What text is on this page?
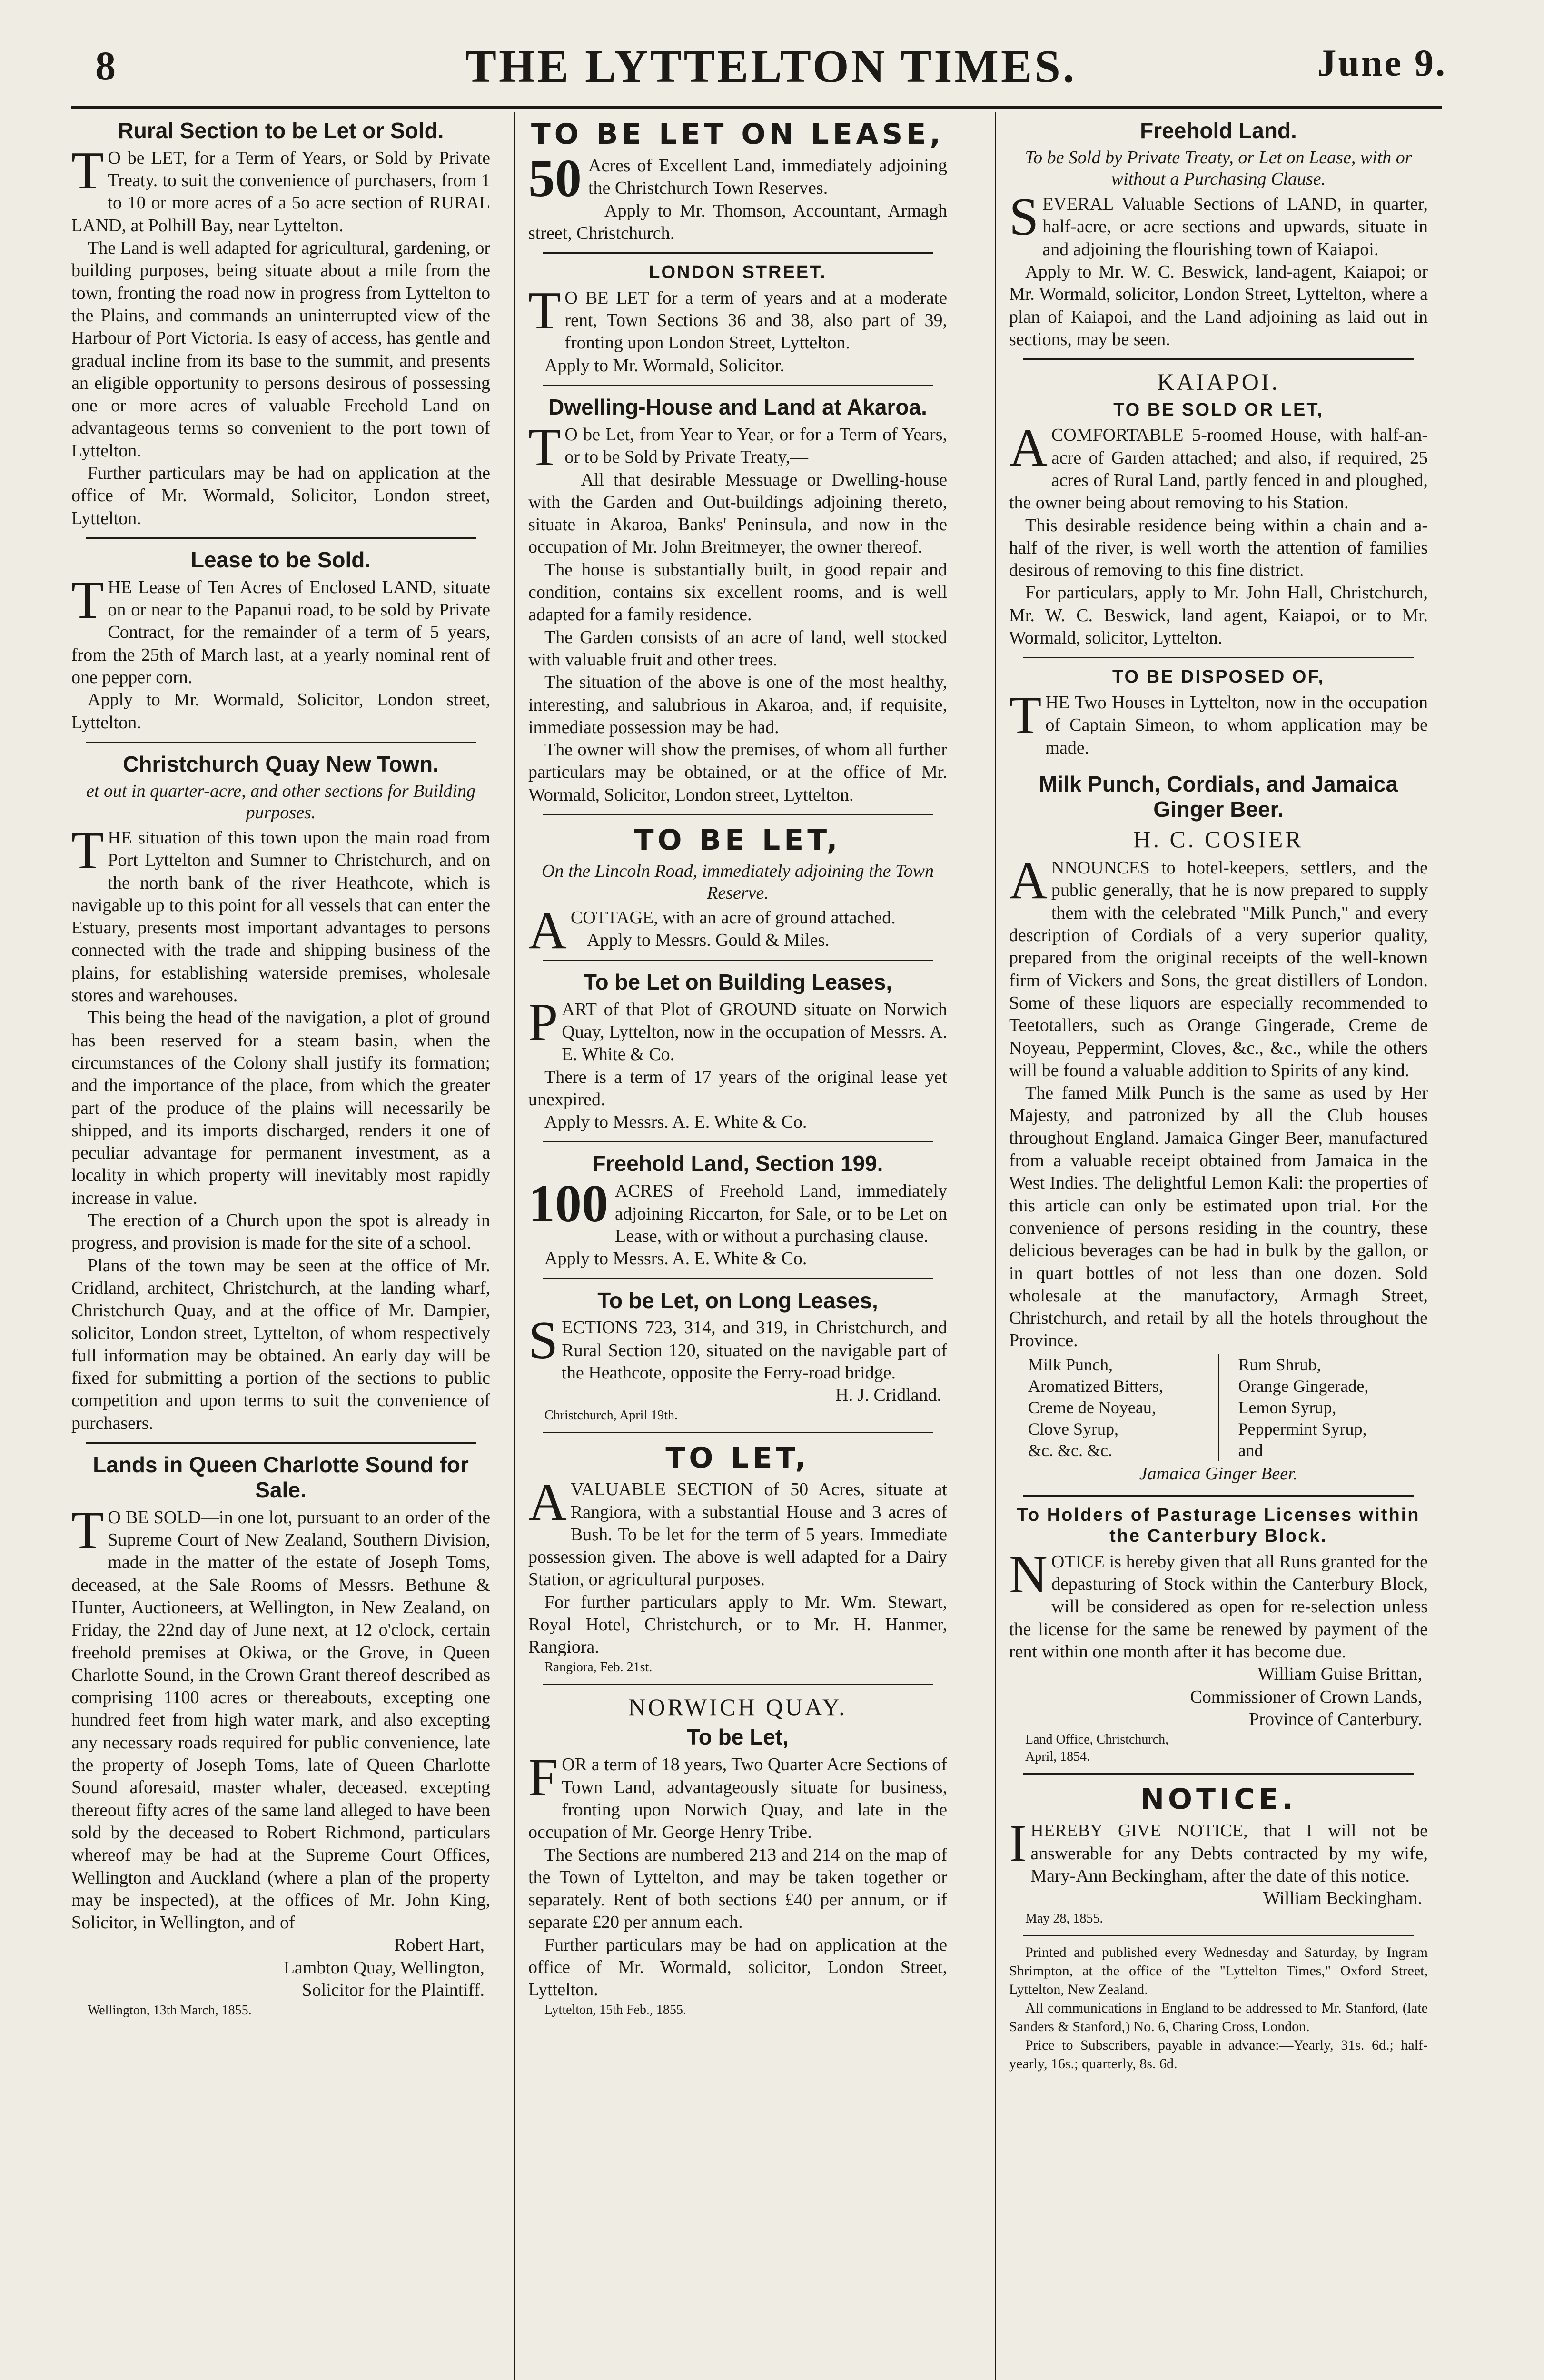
8	THE LYTTELTON TIMES.	June 9.
Rural Section to be Let or Sold.

T O be LET, for a Term of Years, or Sold by Private Treaty. to suit the convenience of purchasers, from 1 to 10 or more acres of a 5o acre section of RURAL LAND, at Polhill Bay, near Lyttelton.

The Land is well adapted for agricultural, gardening, or building purposes, being situate about a mile from the town, fronting the road now in progress from Lyttelton to the Plains, and commands an uninterrupted view of the Harbour of Port Victoria. Is easy of access, has gentle and gradual incline from its base to the summit, and presents an eligible opportunity to persons desirous of possessing one or more acres of valuable Freehold Land on advantageous terms so convenient to the port town of Lyttelton.

Further particulars may be had on application at the office of Mr. Wormald, Solicitor, London street, Lyttelton.

Lease to be Sold.

THE Lease of Ten Acres of Enclosed LAND, situate on or near to the Papanui road, to be sold by Private Contract, for the remainder of a term of 5 years, from the 25th of March last, at a yearly nominal rent of one pepper corn.

Apply to Mr. Wormald, Solicitor, London street, Lyttelton.

Christchurch Quay New Town.
et out in quarter-acre, and other sections for Building purposes.

THE situation of this town upon the main road from Port Lyttelton and Sumner to Christchurch, and on the north bank of the river Heathcote, which is navigable up to this point for all vessels that can enter the Estuary, presents most important advantages to persons connected with the trade and shipping business of the plains, for establishing waterside premises, wholesale stores and warehouses.

This being the head of the navigation, a plot of ground has been reserved for a steam basin, when the circumstances of the Colony shall justify its formation; and the importance of the place, from which the greater part of the produce of the plains will necessarily be shipped, and its imports discharged, renders it one of peculiar advantage for permanent investment, as a locality in which property will inevitably most rapidly increase in value.

The erection of a Church upon the spot is already in progress, and provision is made for the site of a school.

Plans of the town may be seen at the office of Mr. Cridland, architect, Christchurch, at the landing wharf, Christchurch Quay, and at the office of Mr. Dampier, solicitor, London street, Lyttelton, of whom respectively full information may be obtained. An early day will be fixed for submitting a portion of the sections to public competition and upon terms to suit the convenience of purchasers.

Lands in Queen Charlotte Sound for Sale.

T O BE SOLD—in one lot, pursuant to an order of the Supreme Court of New Zealand, Southern Division, made in the matter of the estate of Joseph Toms, deceased, at the Sale Rooms of Messrs. Bethune & Hunter, Auctioneers, at Wellington, in New Zealand, on Friday, the 22nd day of June next, at 12 o'clock, certain freehold premises at Okiwa, or the Grove, in Queen Charlotte Sound, in the Crown Grant thereof described as comprising 1100 acres or thereabouts, excepting one hundred feet from high water mark, and also excepting any necessary roads required for public convenience, late the property of Joseph Toms, late of Queen Charlotte Sound aforesaid, master whaler, deceased. excepting thereout fifty acres of the same land alleged to have been sold by the deceased to Robert Richmond, particulars whereof may be had at the Supreme Court Offices, Wellington and Auckland (where a plan of the property may be inspected), at the offices of Mr. John King, Solicitor, in Wellington, and of

Robert Hart,
Lambton Quay, Wellington,
Solicitor for the Plaintiff.
Wellington, 13th March, 1855.
TO BE LET ON LEASE,

50 Acres of Excellent Land, immediately adjoining the Christchurch Town Reserves.

Apply to Mr. Thomson, Accountant, Armagh street, Christchurch.

LONDON STREET.

T O BE LET for a term of years and at a moderate rent, Town Sections 36 and 38, also part of 39, fronting upon London Street, Lyttelton.

Apply to Mr. Wormald, Solicitor.

Dwelling-House and Land at Akaroa.

T O be Let, from Year to Year, or for a Term of Years, or to be Sold by Private Treaty,—

All that desirable Messuage or Dwelling-house with the Garden and Out-buildings adjoining thereto, situate in Akaroa, Banks' Peninsula, and now in the occupation of Mr. John Breitmeyer, the owner thereof.

The house is substantially built, in good repair and condition, contains six excellent rooms, and is well adapted for a family residence.

The Garden consists of an acre of land, well stocked with valuable fruit and other trees.

The situation of the above is one of the most healthy, interesting, and salubrious in Akaroa, and, if requisite, immediate possession may be had.

The owner will show the premises, of whom all further particulars may be obtained, or at the office of Mr. Wormald, Solicitor, London street, Lyttelton.

TO BE LET,
On the Lincoln Road, immediately adjoining the Town Reserve.

ACOTTAGE, with an acre of ground attached.

Apply to Messrs. Gould & Miles.

To be Let on Building Leases,

PART of that Plot of GROUND situate on Norwich Quay, Lyttelton, now in the occupation of Messrs. A. E. White & Co.

There is a term of 17 years of the original lease yet unexpired.

Apply to Messrs. A. E. White & Co.

Freehold Land, Section 199.

100 ACRES of Freehold Land, immediately adjoining Riccarton, for Sale, or to be Let on Lease, with or without a purchasing clause.

Apply to Messrs. A. E. White & Co.

To be Let, on Long Leases,

SECTIONS 723, 314, and 319, in Christchurch, and Rural Section 120, situated on the navigable part of the Heathcote, opposite the Ferry-road bridge.

H. J. Cridland.
Christchurch, April 19th.
TO LET,

AVALUABLE SECTION of 50 Acres, situate at Rangiora, with a substantial House and 3 acres of Bush. To be let for the term of 5 years. Immediate possession given. The above is well adapted for a Dairy Station, or agricultural purposes.

For further particulars apply to Mr. Wm. Stewart, Royal Hotel, Christchurch, or to Mr. H. Hanmer, Rangiora.

Rangiora, Feb. 21st.
NORWICH QUAY.
To be Let,

FOR a term of 18 years, Two Quarter Acre Sections of Town Land, advantageously situate for business, fronting upon Norwich Quay, and late in the occupation of Mr. George Henry Tribe.

The Sections are numbered 213 and 214 on the map of the Town of Lyttelton, and may be taken together or separately. Rent of both sections £40 per annum, or if separate £20 per annum each.

Further particulars may be had on application at the office of Mr. Wormald, solicitor, London Street, Lyttelton.

Lyttelton, 15th Feb., 1855.
Freehold Land.
To be Sold by Private Treaty, or Let on Lease, with or without a Purchasing Clause.

SEVERAL Valuable Sections of LAND, in quarter, half-acre, or acre sections and upwards, situate in and adjoining the flourishing town of Kaiapoi.

Apply to Mr. W. C. Beswick, land-agent, Kaiapoi; or Mr. Wormald, solicitor, London Street, Lyttelton, where a plan of Kaiapoi, and the Land adjoining as laid out in sections, may be seen.

KAIAPOI.
TO BE SOLD OR LET,

ACOMFORTABLE 5-roomed House, with half-an-acre of Garden attached; and also, if required, 25 acres of Rural Land, partly fenced in and ploughed, the owner being about removing to his Station.

This desirable residence being within a chain and a-half of the river, is well worth the attention of families desirous of removing to this fine district.

For particulars, apply to Mr. John Hall, Christchurch, Mr. W. C. Beswick, land agent, Kaiapoi, or to Mr. Wormald, solicitor, Lyttelton.

TO BE DISPOSED OF,

THE Two Houses in Lyttelton, now in the occupation of Captain Simeon, to whom application may be made.

Milk Punch, Cordials, and Jamaica Ginger Beer.
H. C. COSIER

ANNOUNCES to hotel-keepers, settlers, and the public generally, that he is now prepared to supply them with the celebrated "Milk Punch," and every description of Cordials of a very superior quality, prepared from the original receipts of the well-known firm of Vickers and Sons, the great distillers of London. Some of these liquors are especially recommended to Teetotallers, such as Orange Gingerade, Creme de Noyeau, Peppermint, Cloves, &c., &c., while the others will be found a valuable addition to Spirits of any kind.

The famed Milk Punch is the same as used by Her Majesty, and patronized by all the Club houses throughout England. Jamaica Ginger Beer, manufactured from a valuable receipt obtained from Jamaica in the West Indies. The delightful Lemon Kali: the properties of this article can only be estimated upon trial. For the convenience of persons residing in the country, these delicious beverages can be had in bulk by the gallon, or in quart bottles of not less than one dozen. Sold wholesale at the manufactory, Armagh Street, Christchurch, and retail by all the hotels throughout the Province.

Milk Punch,
Aromatized Bitters,
Creme de Noyeau,
Clove Syrup,
&c. &c. &c.
Rum Shrub,
Orange Gingerade,
Lemon Syrup,
Peppermint Syrup,
and
Jamaica Ginger Beer.
To Holders of Pasturage Licenses within the Canterbury Block.

NOTICE is hereby given that all Runs granted for the depasturing of Stock within the Canterbury Block, will be considered as open for re-selection unless the license for the same be renewed by payment of the rent within one month after it has become due.

William Guise Brittan,
Commissioner of Crown Lands,
Province of Canterbury.
Land Office, Christchurch,
April, 1854.
NOTICE.

IHEREBY GIVE NOTICE, that I will not be answerable for any Debts contracted by my wife, Mary-Ann Beckingham, after the date of this notice.

William Beckingham.
May 28, 1855.

Printed and published every Wednesday and Saturday, by Ingram Shrimpton, at the office of the "Lyttelton Times," Oxford Street, Lyttelton, New Zealand.

All communications in England to be addressed to Mr. Stanford, (late Sanders & Stanford,) No. 6, Charing Cross, London.

Price to Subscribers, payable in advance:—Yearly, 31s. 6d.; half-yearly, 16s.; quarterly, 8s. 6d.
